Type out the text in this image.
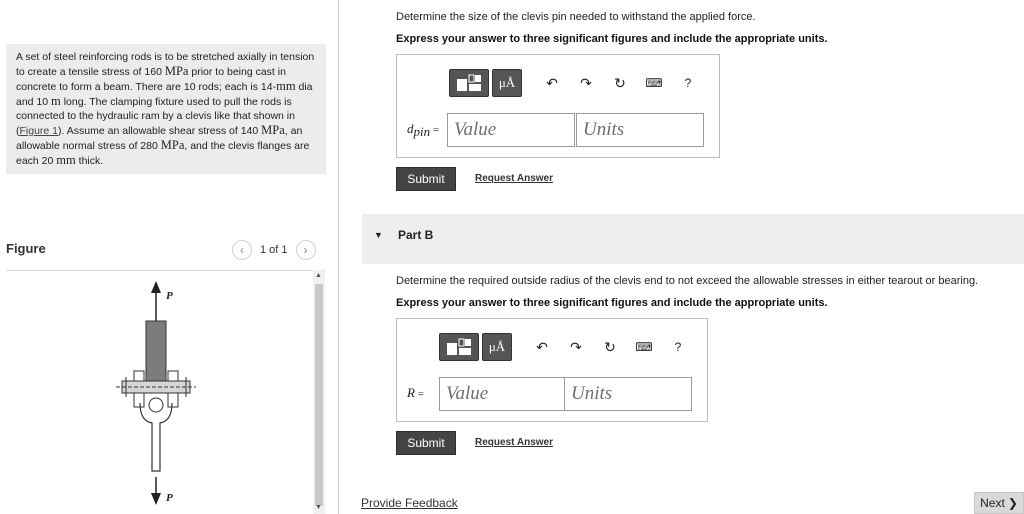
A set of steel reinforcing rods is to be stretched axially in tension to create a tensile stress of 160 MPa prior to being cast in concrete to form a beam. There are 10 rods; each is 14-mm dia and 10 m long. The clamping fixture used to pull the rods is connected to the hydraulic ram by a clevis like that shown in (Figure 1). Assume an allowable shear stress of 140 MPa, an allowable normal stress of 280 MPa, and the clevis flanges are each 20 mm thick.
Figure	‹ 1 of 1 ›
P
P
▲
▼
Determine the size of the clevis pin needed to withstand the applied force.
Express your answer to three significant figures and include the appropriate units.
μÅ ↶ ↷ ↻	⌨	?
$d_{pin}$ =
Value
Units
Submit	Request Answer
▼ Part B
Determine the required outside radius of the clevis end to not exceed the allowable stresses in either tearout or bearing.
Express your answer to three significant figures and include the appropriate units.
μÅ ↶ ↷ ↻	⌨	?
R =
Value
Units
Submit	Request Answer
Provide Feedback	Next ❯
